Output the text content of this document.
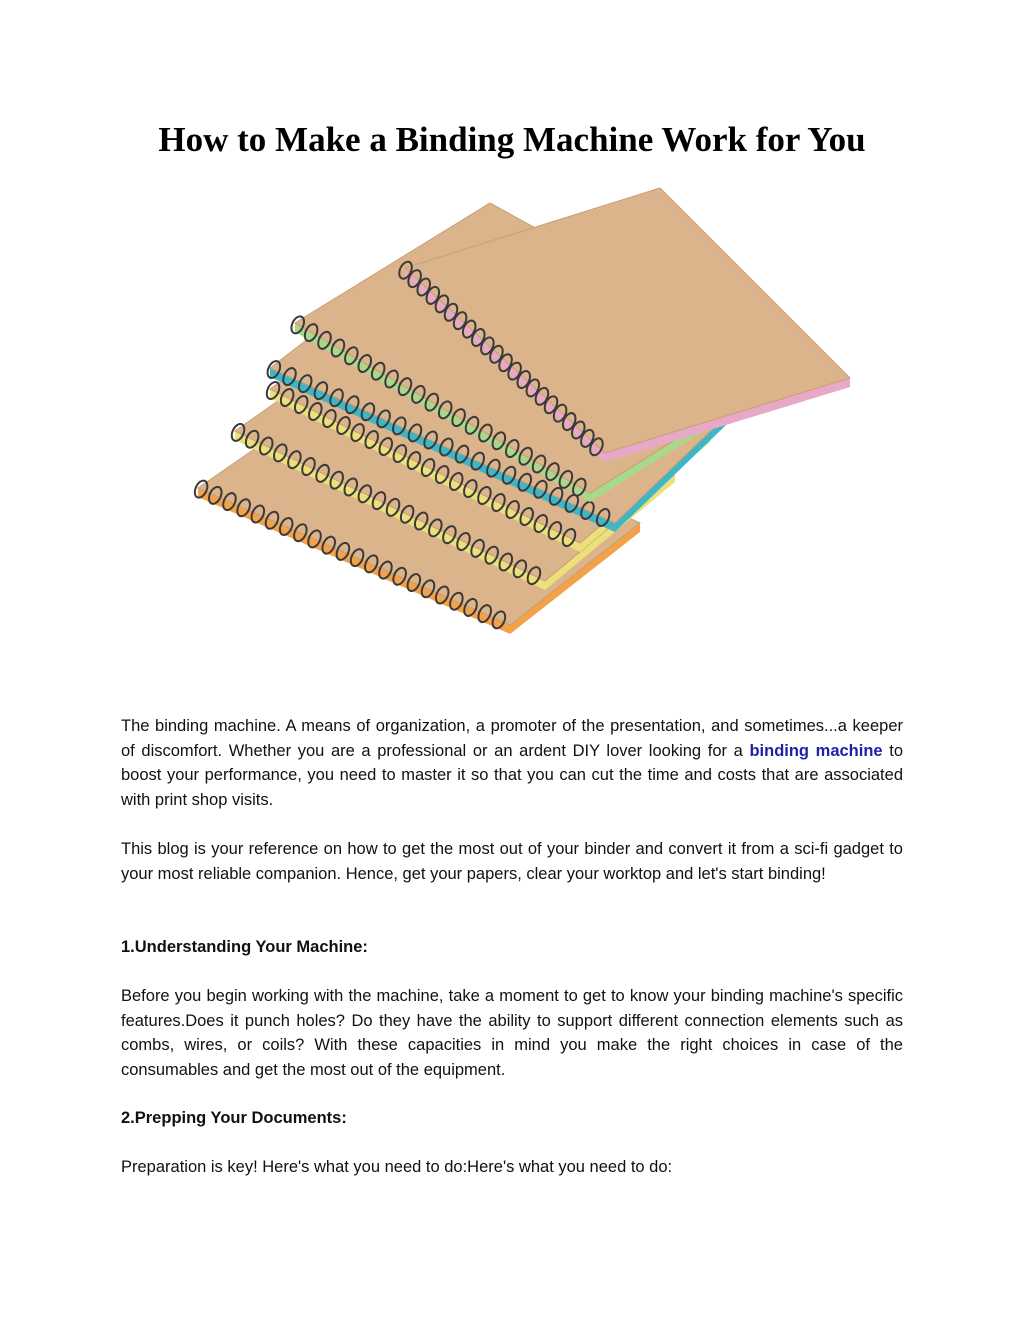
How to Make a Binding Machine Work for You

The binding machine. A means of organization, a promoter of the presentation, and sometimes...a keeper of discomfort. Whether you are a professional or an ardent DIY lover looking for a binding machine to boost your performance, you need to master it so that you can cut the time and costs that are associated with print shop visits.

This blog is your reference on how to get the most out of your binder and convert it from a sci-fi gadget to your most reliable companion. Hence, get your papers, clear your worktop and let's start binding!

1.Understanding Your Machine:

Before you begin working with the machine, take a moment to get to know your binding machine's specific features.Does it punch holes? Do they have the ability to support different connection elements such as combs, wires, or coils? With these capacities in mind you make the right choices in case of the consumables and get the most out of the equipment.

2.Prepping Your Documents:

Preparation is key! Here's what you need to do:Here's what you need to do:
